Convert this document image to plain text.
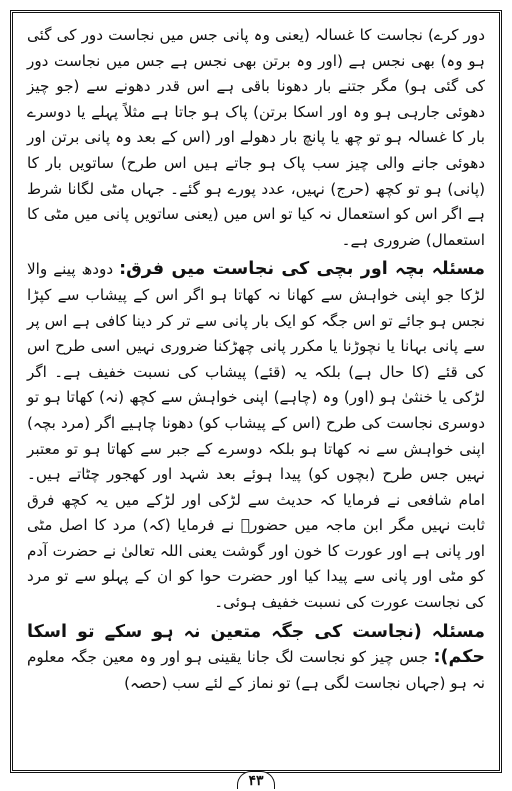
دور کرے) نجاست کا غسالہ (یعنی وہ پانی جس میں نجاست دور کی گئی ہو وہ) بھی نجس ہے (اور وہ برتن بھی نجس ہے جس میں نجاست دور کی گئی ہو) مگر جتنے بار دھونا باقی ہے اس قدر دھونے سے (جو چیز دھوئی جارہی ہو وہ اور اسکا برتن) پاک ہو جاتا ہے مثلاً پہلے یا دوسرے بار کا غسالہ ہو تو چھ یا پانچ بار دھولے اور (اس کے بعد وہ پانی برتن اور دھوئی جانے والی چیز سب پاک ہو جاتے ہیں اس طرح) ساتویں بار کا (پانی) ہو تو کچھ (حرج) نہیں، عدد پورے ہو گئے۔ جہاں مٹی لگانا شرط ہے اگر اس کو استعمال نہ کیا تو اس میں (یعنی ساتویں پانی میں مٹی کا استعمال) ضروری ہے۔

مسئلہ بچہ اور بچی کی نجاست میں فرق: دودھ پینے والا لڑکا جو اپنی خواہش سے کھانا نہ کھاتا ہو اگر اس کے پیشاب سے کپڑا نجس ہو جائے تو اس جگہ کو ایک بار پانی سے تر کر دینا کافی ہے اس پر سے پانی بہانا یا نچوڑنا یا مکرر پانی چھڑکنا ضروری نہیں اسی طرح اس کی قئے (کا حال ہے) بلکہ یہ (قئے) پیشاب کی نسبت خفیف ہے۔ اگر لڑکی یا خنثیٰ ہو (اور) وہ (چاہے) اپنی خواہش سے کچھ (نہ) کھاتا ہو تو دوسری نجاست کی طرح (اس کے پیشاب کو) دھونا چاہیے اگر (مرد بچہ) اپنی خواہش سے نہ کھاتا ہو بلکہ دوسرے کے جبر سے کھاتا ہو تو معتبر نہیں جس طرح (بچوں کو) پیدا ہوئے بعد شہد اور کھجور چٹاتے ہیں۔ امام شافعی نے فرمایا کہ حدیث سے لڑکی اور لڑکے میں یہ کچھ فرق ثابت نہیں مگر ابن ماجہ میں حضورؐ نے فرمایا (کہ) مرد کا اصل مٹی اور پانی ہے اور عورت کا خون اور گوشت یعنی اللہ تعالیٰ نے حضرت آدم کو مٹی اور پانی سے پیدا کیا اور حضرت حوا کو ان کے پہلو سے تو مرد کی نجاست عورت کی نسبت خفیف ہوئی۔

مسئلہ (نجاست کی جگہ متعین نہ ہو سکے تو اسکا حکم): جس چیز کو نجاست لگ جانا یقینی ہو اور وہ معین جگہ معلوم نہ ہو (جہاں نجاست لگی ہے) تو نماز کے لئے سب (حصہ)

۴۳
